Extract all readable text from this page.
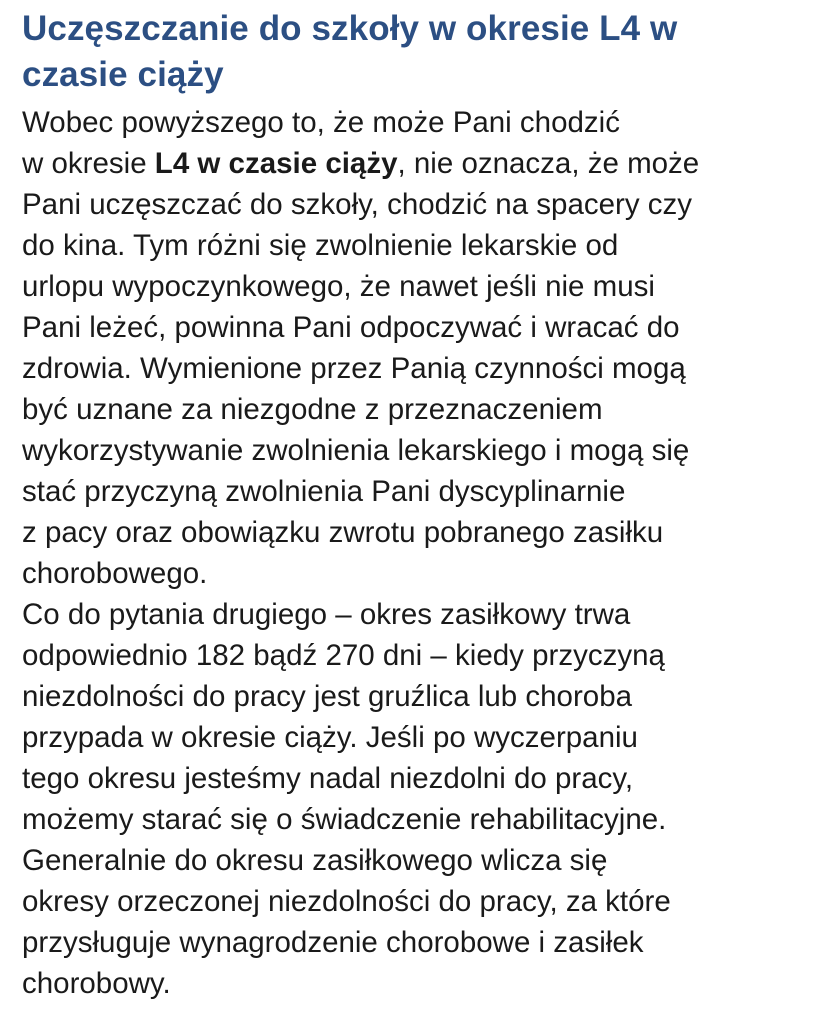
Uczęszczanie do szkoły w okresie L4 w
czasie ciąży
Wobec powyższego to, że może Pani chodzić
w okresie L4 w czasie ciąży, nie oznacza, że może
Pani uczęszczać do szkoły, chodzić na spacery czy
do kina. Tym różni się zwolnienie lekarskie od
urlopu wypoczynkowego, że nawet jeśli nie musi
Pani leżeć, powinna Pani odpoczywać i wracać do
zdrowia. Wymienione przez Panią czynności mogą
być uznane za niezgodne z przeznaczeniem
wykorzystywanie zwolnienia lekarskiego i mogą się
stać przyczyną zwolnienia Pani dyscyplinarnie
z pacy oraz obowiązku zwrotu pobranego zasiłku
chorobowego.
Co do pytania drugiego – okres zasiłkowy trwa
odpowiednio 182 bądź 270 dni – kiedy przyczyną
niezdolności do pracy jest gruźlica lub choroba
przypada w okresie ciąży. Jeśli po wyczerpaniu
tego okresu jesteśmy nadal niezdolni do pracy,
możemy starać się o świadczenie rehabilitacyjne.
Generalnie do okresu zasiłkowego wlicza się
okresy orzeczonej niezdolności do pracy, za które
przysługuje wynagrodzenie chorobowe i zasiłek
chorobowy.
